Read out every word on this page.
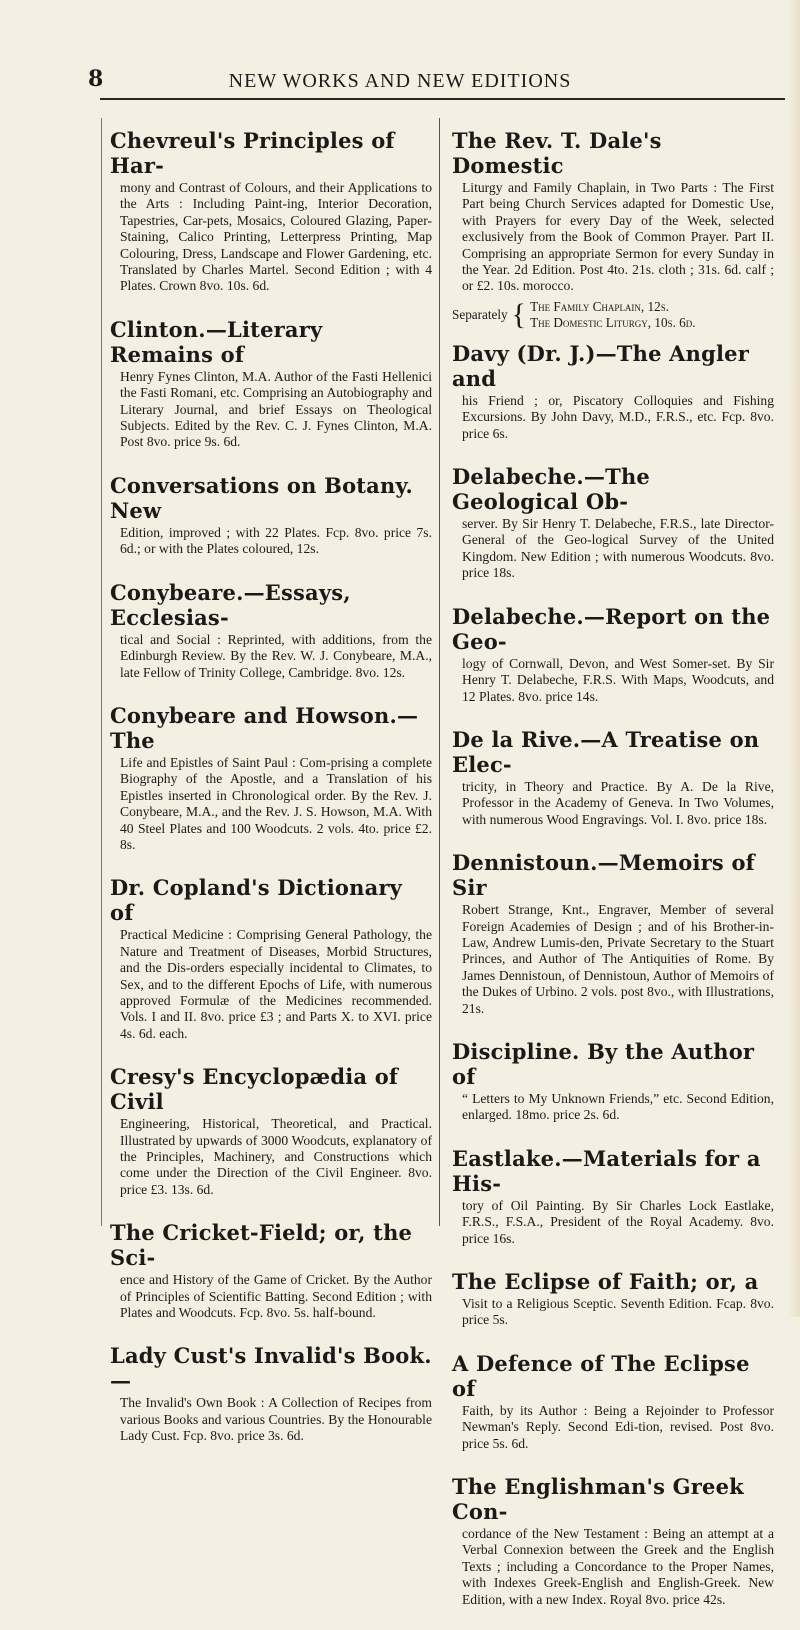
8	NEW WORKS AND NEW EDITIONS
Chevreul's Principles of Har-
mony and Contrast of Colours, and their Applications to the Arts : Including Paint-ing, Interior Decoration, Tapestries, Car-pets, Mosaics, Coloured Glazing, Paper-Staining, Calico Printing, Letterpress Printing, Map Colouring, Dress, Landscape and Flower Gardening, etc. Translated by Charles Martel. Second Edition ; with 4 Plates. Crown 8vo. 10s. 6d.
Clinton.—Literary Remains of
Henry Fynes Clinton, M.A. Author of the Fasti Hellenici the Fasti Romani, etc. Comprising an Autobiography and Literary Journal, and brief Essays on Theological Subjects. Edited by the Rev. C. J. Fynes Clinton, M.A. Post 8vo. price 9s. 6d.
Conversations on Botany. New
Edition, improved ; with 22 Plates. Fcp. 8vo. price 7s. 6d.; or with the Plates coloured, 12s.
Conybeare.—Essays, Ecclesias-
tical and Social : Reprinted, with additions, from the Edinburgh Review. By the Rev. W. J. Conybeare, M.A., late Fellow of Trinity College, Cambridge. 8vo. 12s.
Conybeare and Howson.—The
Life and Epistles of Saint Paul : Com-prising a complete Biography of the Apostle, and a Translation of his Epistles inserted in Chronological order. By the Rev. J. Conybeare, M.A., and the Rev. J. S. Howson, M.A. With 40 Steel Plates and 100 Woodcuts. 2 vols. 4to. price £2. 8s.
Dr. Copland's Dictionary of
Practical Medicine : Comprising General Pathology, the Nature and Treatment of Diseases, Morbid Structures, and the Dis-orders especially incidental to Climates, to Sex, and to the different Epochs of Life, with numerous approved Formulæ of the Medicines recommended. Vols. I and II. 8vo. price £3 ; and Parts X. to XVI. price 4s. 6d. each.
Cresy's Encyclopædia of Civil
Engineering, Historical, Theoretical, and Practical. Illustrated by upwards of 3000 Woodcuts, explanatory of the Principles, Machinery, and Constructions which come under the Direction of the Civil Engineer. 8vo. price £3. 13s. 6d.
The Cricket-Field; or, the Sci-
ence and History of the Game of Cricket. By the Author of Principles of Scientific Batting. Second Edition ; with Plates and Woodcuts. Fcp. 8vo. 5s. half-bound.
Lady Cust's Invalid's Book.—
The Invalid's Own Book : A Collection of Recipes from various Books and various Countries. By the Honourable Lady Cust. Fcp. 8vo. price 3s. 6d.
The Rev. T. Dale's Domestic
Liturgy and Family Chaplain, in Two Parts : The First Part being Church Services adapted for Domestic Use, with Prayers for every Day of the Week, selected exclusively from the Book of Common Prayer. Part II. Comprising an appropriate Sermon for every Sunday in the Year. 2d Edition. Post 4to. 21s. cloth ; 31s. 6d. calf ; or £2. 10s. morocco.
Separately { The Family Chaplain, 12s.
The Domestic Liturgy, 10s. 6d.
Davy (Dr. J.)—The Angler and
his Friend ; or, Piscatory Colloquies and Fishing Excursions. By John Davy, M.D., F.R.S., etc. Fcp. 8vo. price 6s.
Delabeche.—The Geological Ob-
server. By Sir Henry T. Delabeche, F.R.S., late Director-General of the Geo-logical Survey of the United Kingdom. New Edition ; with numerous Woodcuts. 8vo. price 18s.
Delabeche.—Report on the Geo-
logy of Cornwall, Devon, and West Somer-set. By Sir Henry T. Delabeche, F.R.S. With Maps, Woodcuts, and 12 Plates. 8vo. price 14s.
De la Rive.—A Treatise on Elec-
tricity, in Theory and Practice. By A. De la Rive, Professor in the Academy of Geneva. In Two Volumes, with numerous Wood Engravings. Vol. I. 8vo. price 18s.
Dennistoun.—Memoirs of Sir
Robert Strange, Knt., Engraver, Member of several Foreign Academies of Design ; and of his Brother-in-Law, Andrew Lumis-den, Private Secretary to the Stuart Princes, and Author of The Antiquities of Rome. By James Dennistoun, of Dennistoun, Author of Memoirs of the Dukes of Urbino. 2 vols. post 8vo., with Illustrations, 21s.
Discipline. By the Author of
“ Letters to My Unknown Friends,” etc. Second Edition, enlarged. 18mo. price 2s. 6d.
Eastlake.—Materials for a His-
tory of Oil Painting. By Sir Charles Lock Eastlake, F.R.S., F.S.A., President of the Royal Academy. 8vo. price 16s.
The Eclipse of Faith; or, a
Visit to a Religious Sceptic. Seventh Edition. Fcap. 8vo. price 5s.
A Defence of The Eclipse of
Faith, by its Author : Being a Rejoinder to Professor Newman's Reply. Second Edi-tion, revised. Post 8vo. price 5s. 6d.
The Englishman's Greek Con-
cordance of the New Testament : Being an attempt at a Verbal Connexion between the Greek and the English Texts ; including a Concordance to the Proper Names, with Indexes Greek-English and English-Greek. New Edition, with a new Index. Royal 8vo. price 42s.
